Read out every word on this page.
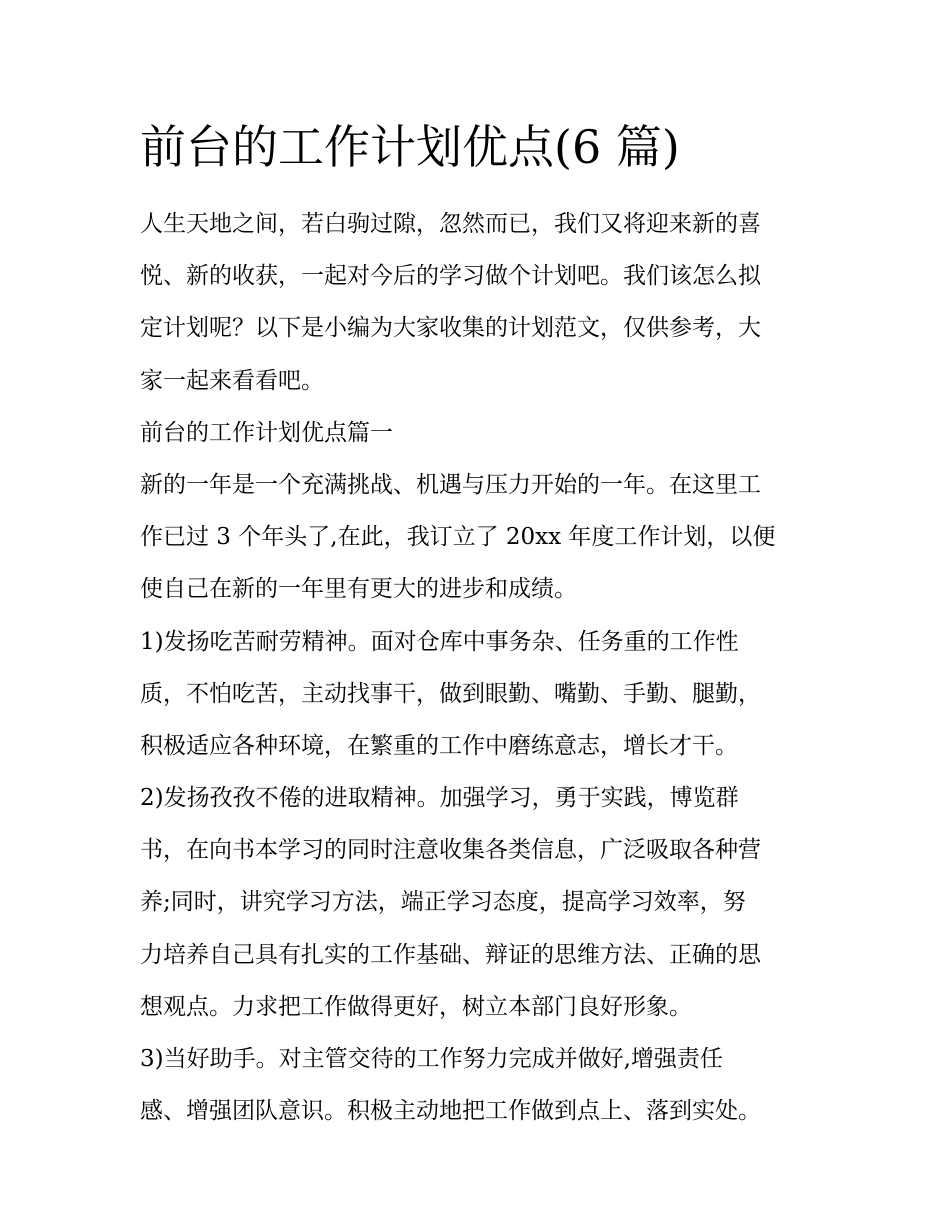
前台的工作计划优点(6 篇)
人生天地之间，若白驹过隙，忽然而已，我们又将迎来新的喜
悦、新的收获，一起对今后的学习做个计划吧。我们该怎么拟
定计划呢？以下是小编为大家收集的计划范文，仅供参考，大
家一起来看看吧。
前台的工作计划优点篇一
新的一年是一个充满挑战、机遇与压力开始的一年。在这里工
作已过 3 个年头了,在此，我订立了 20xx 年度工作计划，以便
使自己在新的一年里有更大的进步和成绩。
1)发扬吃苦耐劳精神。面对仓库中事务杂、任务重的工作性
质，不怕吃苦，主动找事干，做到眼勤、嘴勤、手勤、腿勤，
积极适应各种环境，在繁重的工作中磨练意志，增长才干。
2)发扬孜孜不倦的进取精神。加强学习，勇于实践，博览群
书，在向书本学习的同时注意收集各类信息，广泛吸取各种营
养;同时，讲究学习方法，端正学习态度，提高学习效率，努
力培养自己具有扎实的工作基础、辩证的思维方法、正确的思
想观点。力求把工作做得更好，树立本部门良好形象。
3)当好助手。对主管交待的工作努力完成并做好,增强责任
感、增强团队意识。积极主动地把工作做到点上、落到实处。
